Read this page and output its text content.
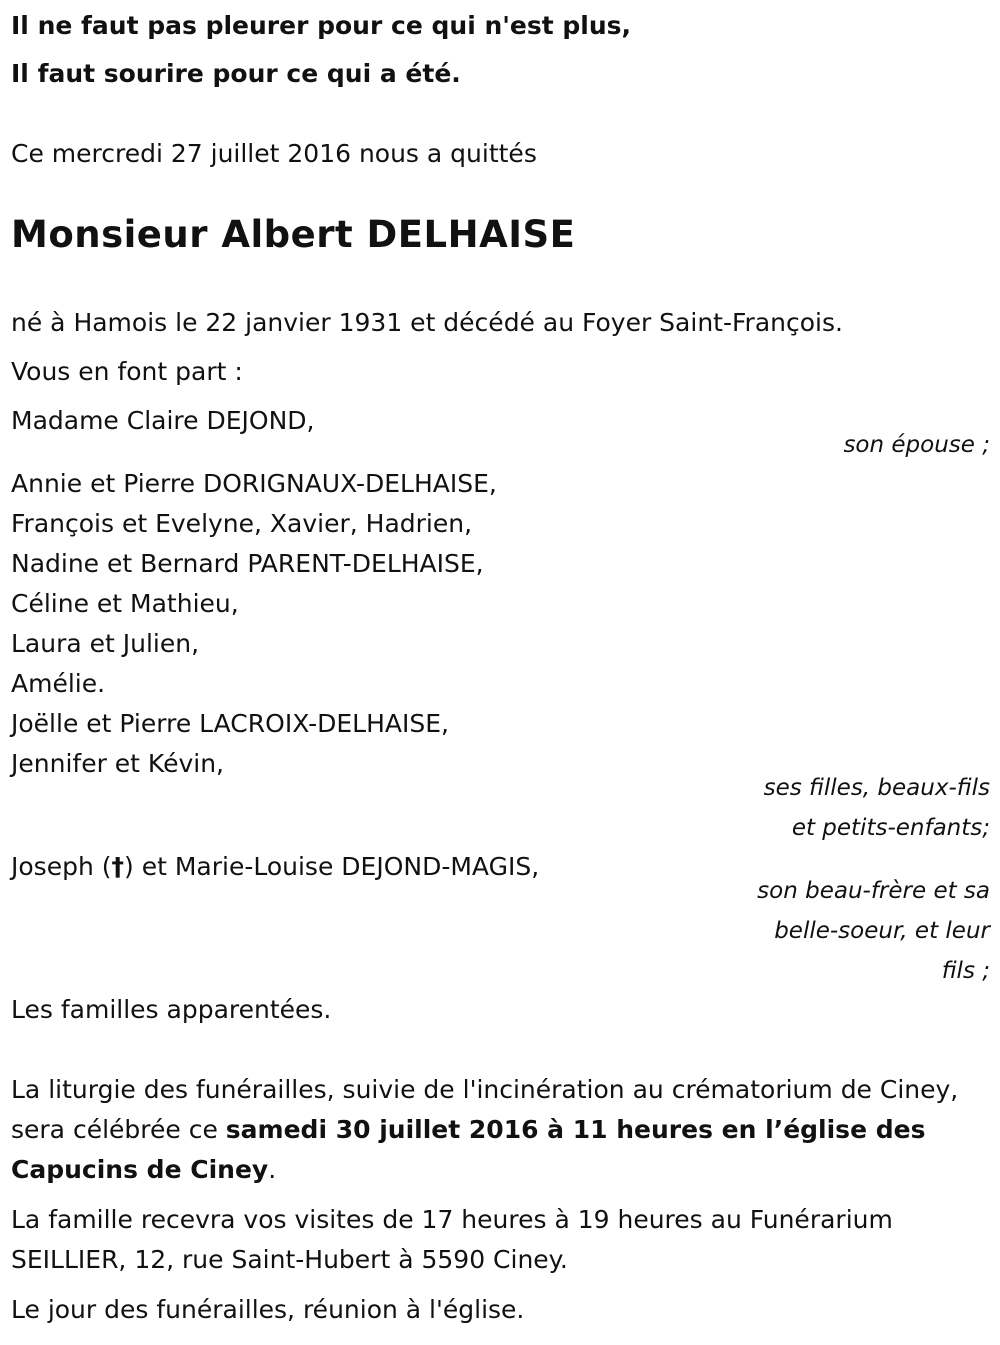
Il ne faut pas pleurer pour ce qui n'est plus,

Il faut sourire pour ce qui a été.

Ce mercredi 27 juillet 2016 nous a quittés

Monsieur Albert DELHAISE

né à Hamois le 22 janvier 1931 et décédé au Foyer Saint-François.

Vous en font part :

Madame Claire DEJOND,

son épouse ;

Annie et Pierre DORIGNAUX-DELHAISE,

François et Evelyne, Xavier, Hadrien,

Nadine et Bernard PARENT-DELHAISE,

Céline et Mathieu,

Laura et Julien,

Amélie.

Joëlle et Pierre LACROIX-DELHAISE,

Jennifer et Kévin,

ses filles, beaux-fils

et petits-enfants;

Joseph (†) et Marie-Louise DEJOND-MAGIS,

son beau-frère et sa

belle-soeur, et leur

fils ;

Les familles apparentées.

La liturgie des funérailles, suivie de l'incinération au crématorium de Ciney, sera célébrée ce samedi 30 juillet 2016 à 11 heures en l’église des Capucins de Ciney.

La famille recevra vos visites de 17 heures à 19 heures au Funérarium SEILLIER, 12, rue Saint-Hubert à 5590 Ciney.

Le jour des funérailles, réunion à l'église.
